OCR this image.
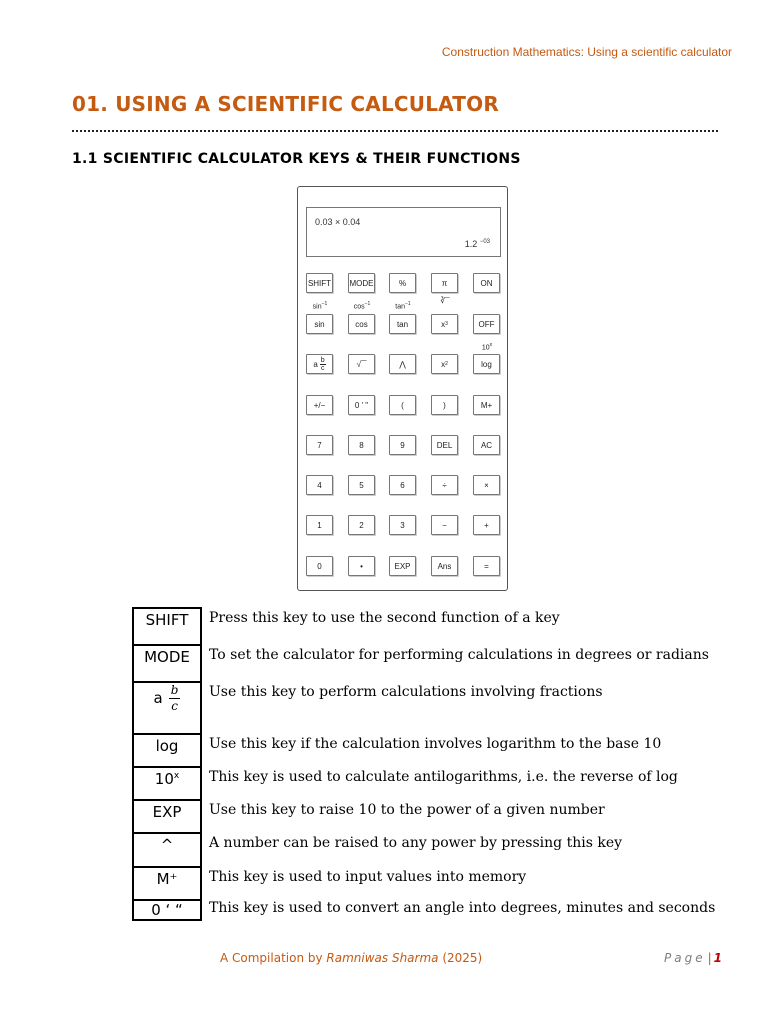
Construction Mathematics: Using a scientific calculator
01. USING A SCIENTIFIC CALCULATOR
1.1 SCIENTIFIC CALCULATOR KEYS & THEIR FUNCTIONS
0.03 × 0.04
1.2 $^{-03}$
SHIFT MODE	%	π	ON
$\sin^{-1}$	$\cos^{-1}$	$\tan^{-1}$	∛‾‾
10$^x$
sin	cos	tan	x 3	OFF
a $\frac{b}{c}$	√‾‾	⋀	x 2	log
+/−	0 ' "	(	)	M+
7	8	9	DEL	AC
4	5	6	÷	×
1	2	3	−	+
0	•	EXP	Ans	=
SHIFT	Press this key to use the second function of a key

MODE	To set the calculator for performing calculations in degrees or radians

a $\frac{b}{c}$	Use this key to perform calculations involving fractions

log	Use this key if the calculation involves logarithm to the base 10

10$^x$	This key is used to calculate antilogarithms, i.e. the reverse of log

EXP	Use this key to raise 10 to the power of a given number

^	A number can be raised to any power by pressing this key

M⁺	This key is used to input values into memory

0 ‘ “	This key is used to convert an angle into degrees, minutes and seconds
A Compilation by Ramniwas Sharma (2025)	Page | 1
